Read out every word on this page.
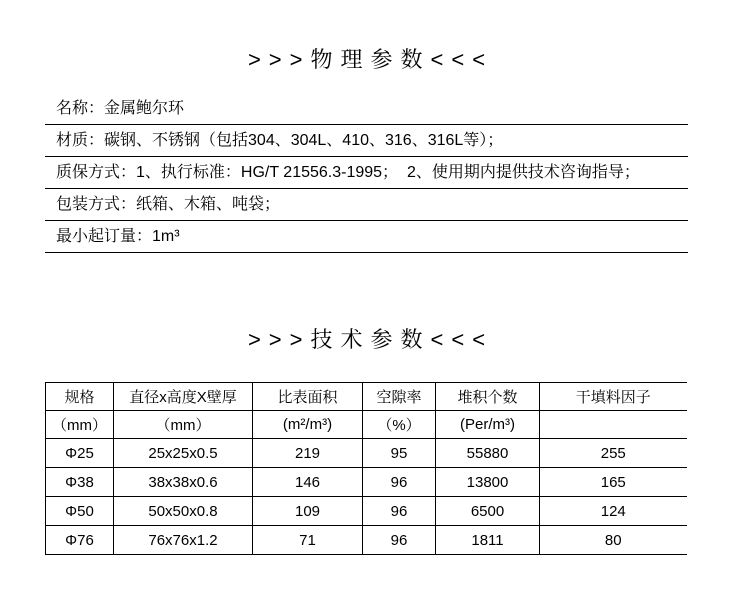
>>>物理参数<<<
名称：金属鲍尔环
材质：碳钢、不锈钢（包括304、304L、410、316、316L等）；
质保方式：1、执行标准：HG/T 21556.3-1995；  2、使用期内提供技术咨询指导；
包装方式：纸箱、木箱、吨袋；
最小起订量：1m³
>>>技术参数<<<
规格	直径x高度X壁厚	比表面积	空隙率	堆积个数	干填料因子
（mm）	（mm）	(m²/m³)	（%）	(Per/m³)	
Φ25	25x25x0.5	219	95	55880	255
Φ38	38x38x0.6	146	96	13800	165
Φ50	50x50x0.8	109	96	6500	124
Φ76	76x76x1.2	71	96	1811	80
